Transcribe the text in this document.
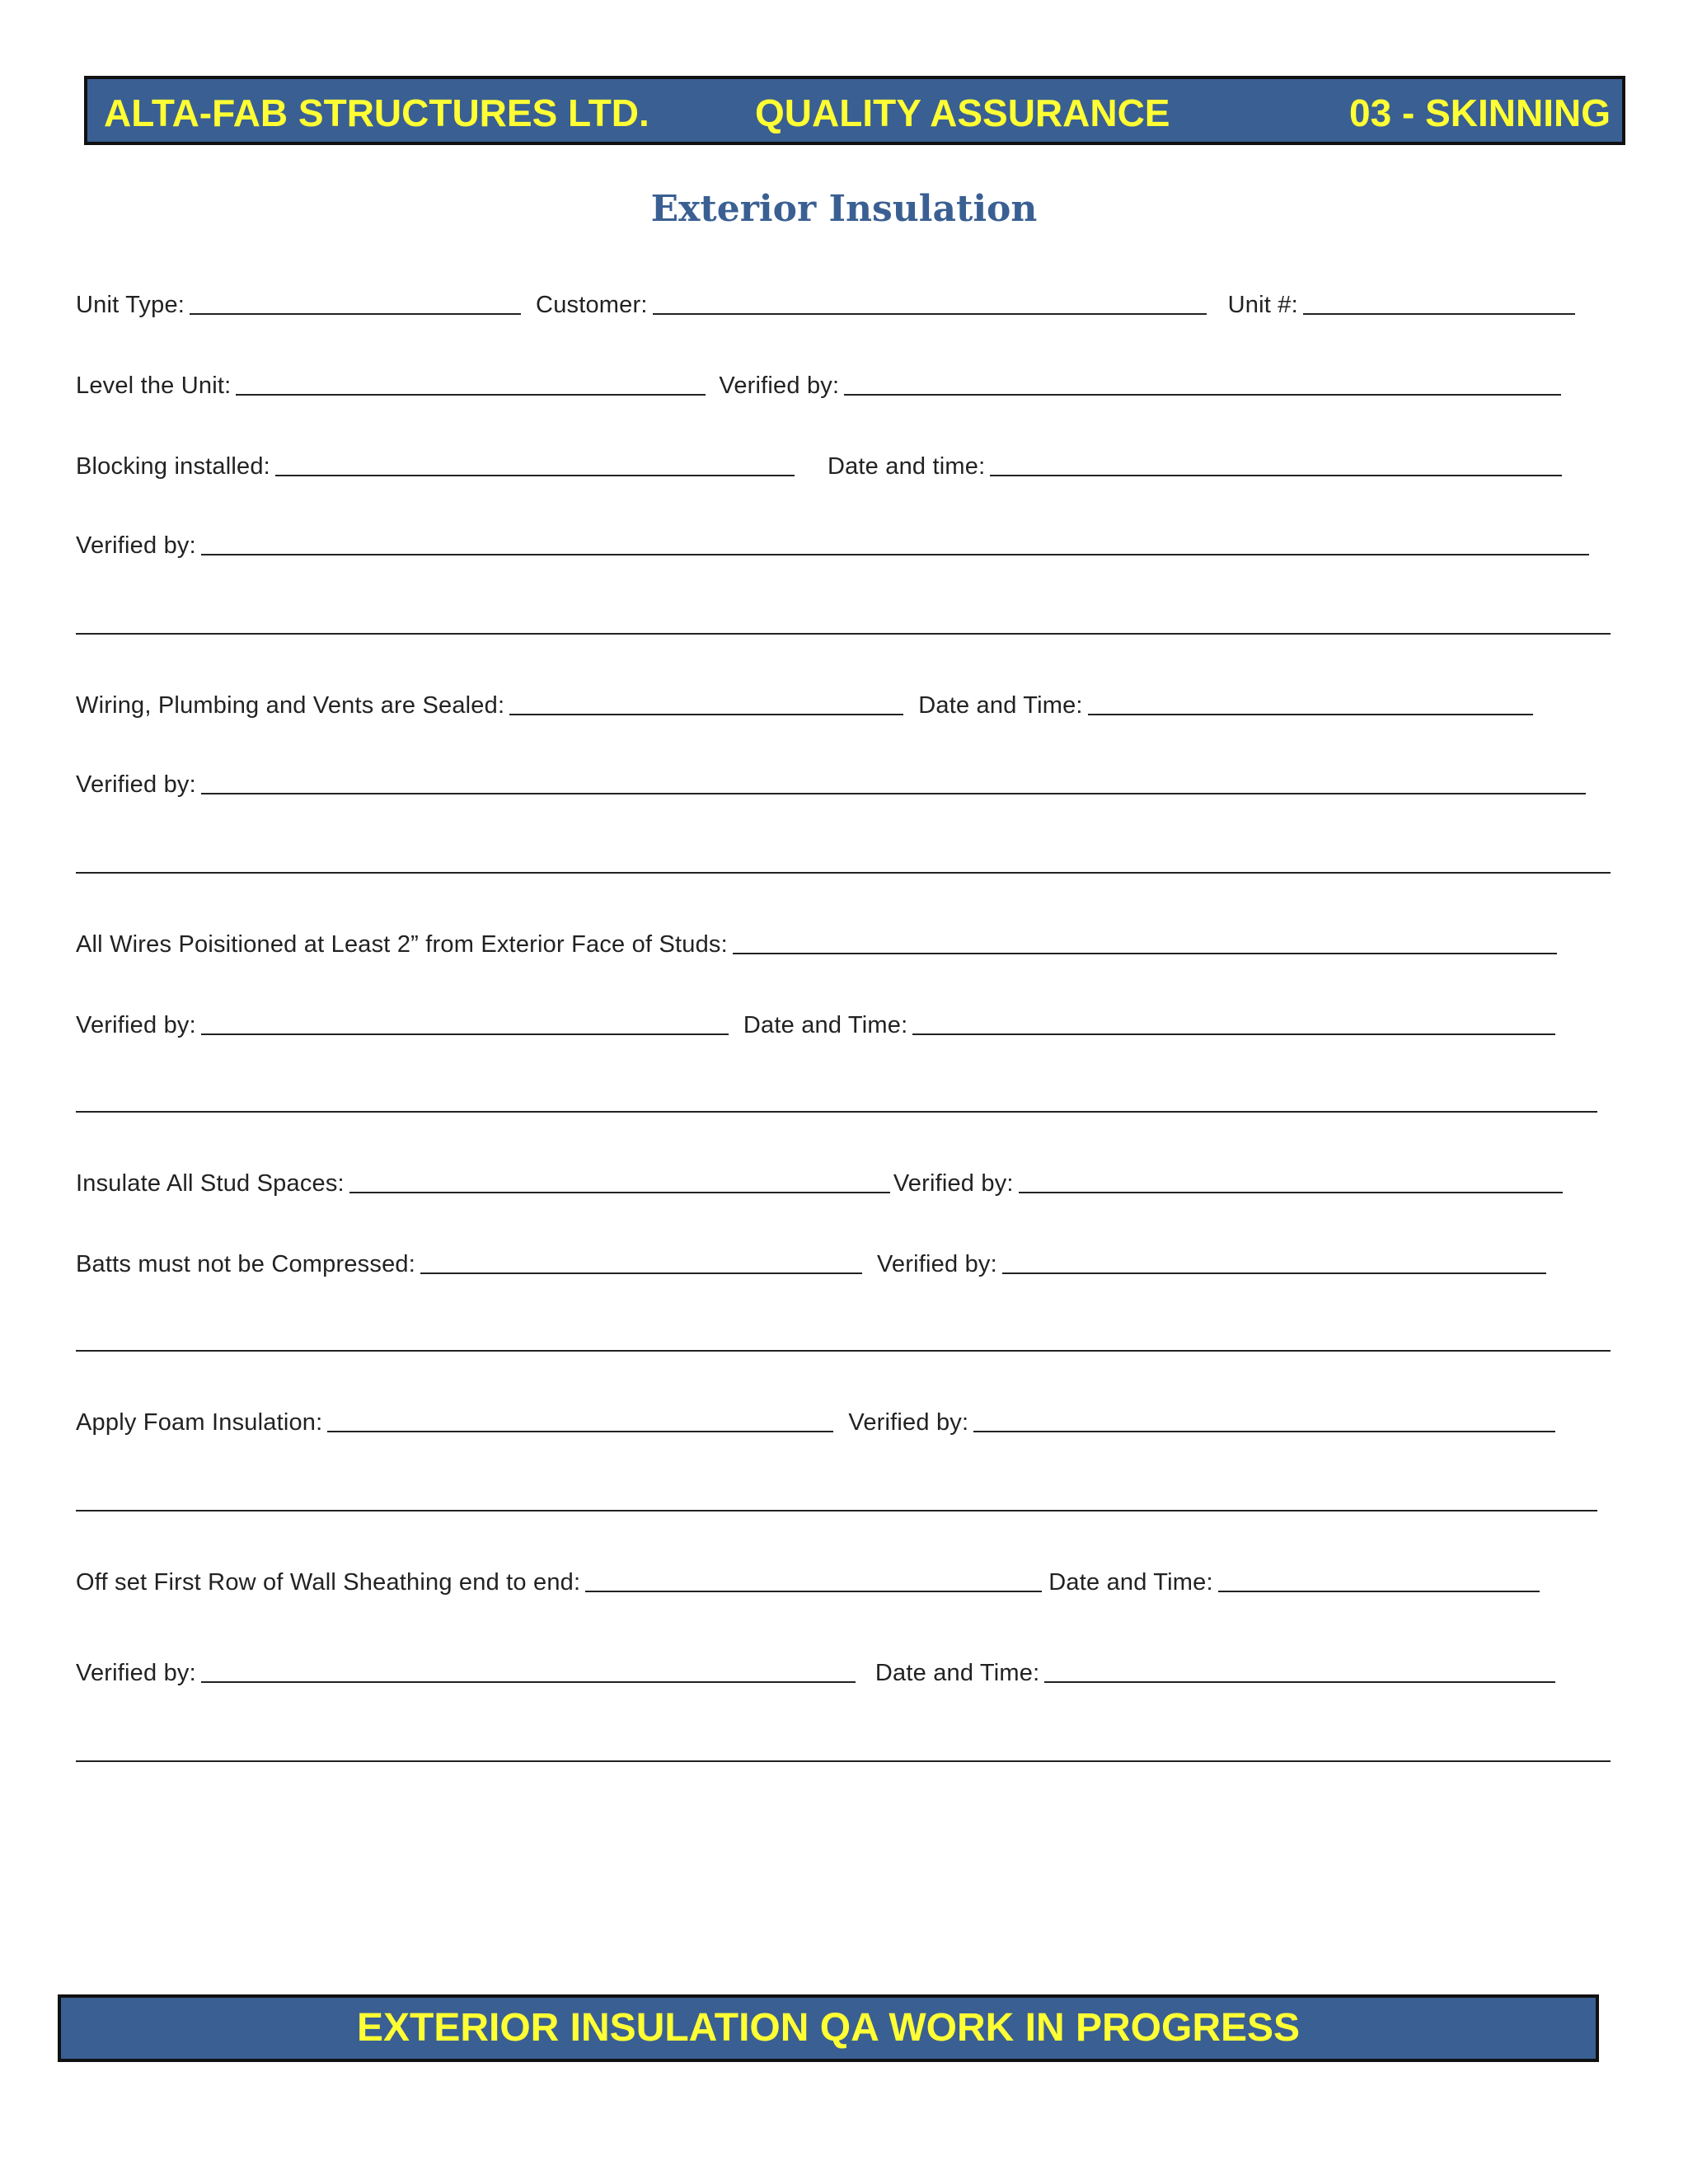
ALTA-FAB STRUCTURES LTD.	QUALITY ASSURANCE	03 - SKINNING
Exterior Insulation
Unit Type:	Customer:	Unit #:
Level the Unit:	Verified by:
Blocking installed:	Date and time:
Verified by:
Wiring, Plumbing and Vents are Sealed:	Date and Time:
Verified by:
All Wires Poisitioned at Least 2” from Exterior Face of Studs:
Verified by:	Date and Time:
Insulate All Stud Spaces:	Verified by:
Batts must not be Compressed:	Verified by:
Apply Foam Insulation:	Verified by:
Off set First Row of Wall Sheathing end to end:	Date and Time:
Verified by:	Date and Time:
EXTERIOR INSULATION QA WORK IN PROGRESS
